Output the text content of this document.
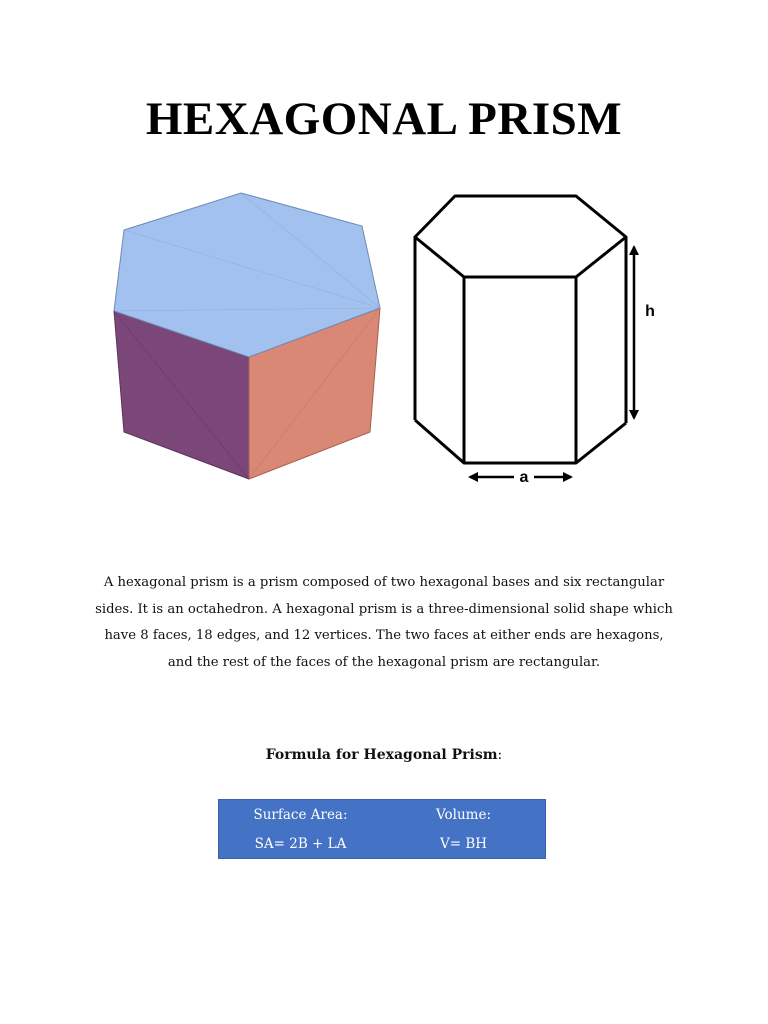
HEXAGONAL PRISM
h
a

A hexagonal prism is a prism composed of two hexagonal bases and six rectangular sides. It is an octahedron. A hexagonal prism is a three-dimensional solid shape which have 8 faces, 18 edges, and 12 vertices. The two faces at either ends are hexagons, and the rest of the faces of the hexagonal prism are rectangular.

Formula for Hexagonal Prism:
Surface Area:	Volume:
SA= 2B + LA	V= BH
